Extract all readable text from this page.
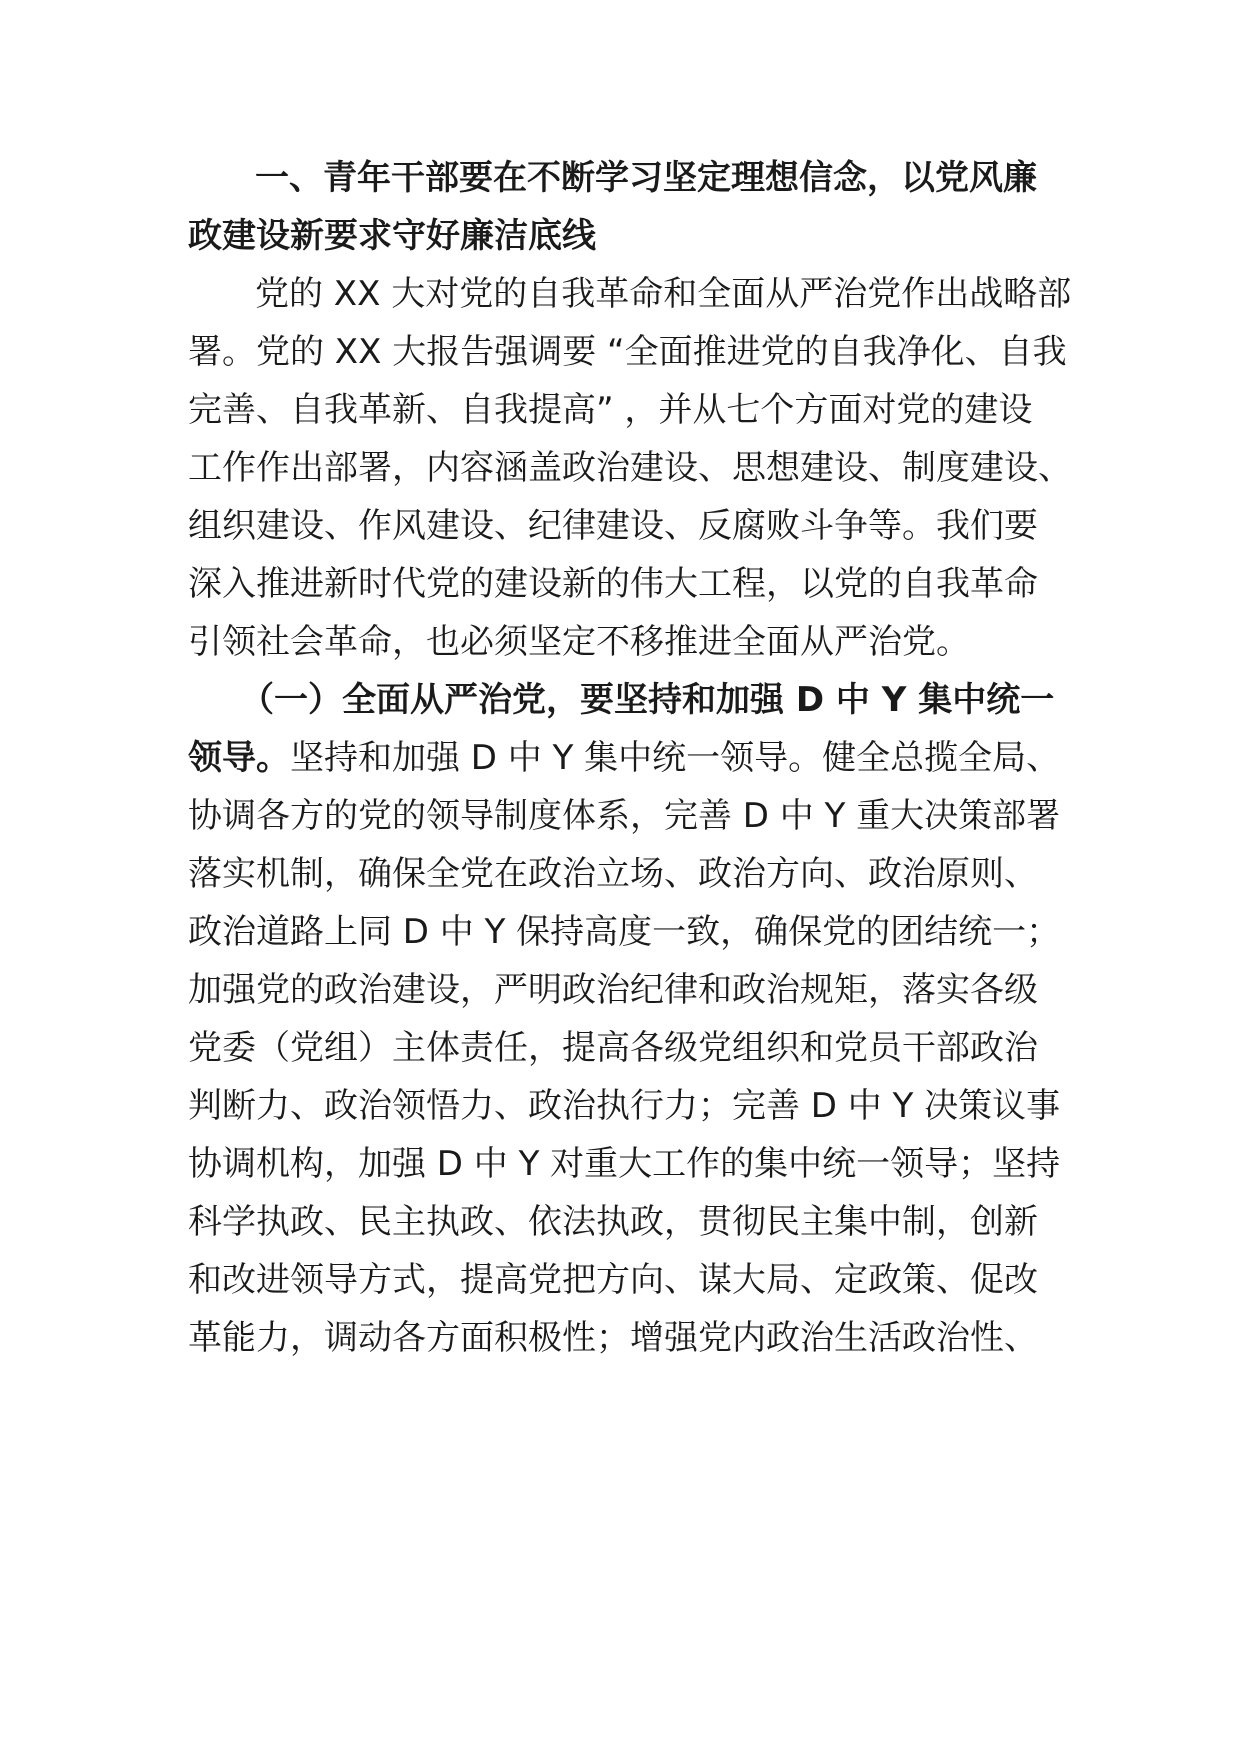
一、青年干部要在不断学习坚定理想信念，以党风廉
政建设新要求守好廉洁底线
党的 XX 大对党的自我革命和全面从严治党作出战略部
署。党的 XX 大报告强调要 “全面推进党的自我净化、自我
完善、自我革新、自我提高” ，并从七个方面对党的建设
工作作出部署，内容涵盖政治建设、思想建设、制度建设、
组织建设、作风建设、纪律建设、反腐败斗争等。我们要
深入推进新时代党的建设新的伟大工程，以党的自我革命
引领社会革命，也必须坚定不移推进全面从严治党。
（一）全面从严治党，要坚持和加强 D 中 Y 集中统一
领导。坚持和加强 D 中 Y 集中统一领导。健全总揽全局、
协调各方的党的领导制度体系，完善 D 中 Y 重大决策部署
落实机制，确保全党在政治立场、政治方向、政治原则、
政治道路上同 D 中 Y 保持高度一致，确保党的团结统一；
加强党的政治建设，严明政治纪律和政治规矩，落实各级
党委（党组）主体责任，提高各级党组织和党员干部政治
判断力、政治领悟力、政治执行力；完善 D 中 Y 决策议事
协调机构，加强 D 中 Y 对重大工作的集中统一领导；坚持
科学执政、民主执政、依法执政，贯彻民主集中制，创新
和改进领导方式，提高党把方向、谋大局、定政策、促改
革能力，调动各方面积极性；增强党内政治生活政治性、
